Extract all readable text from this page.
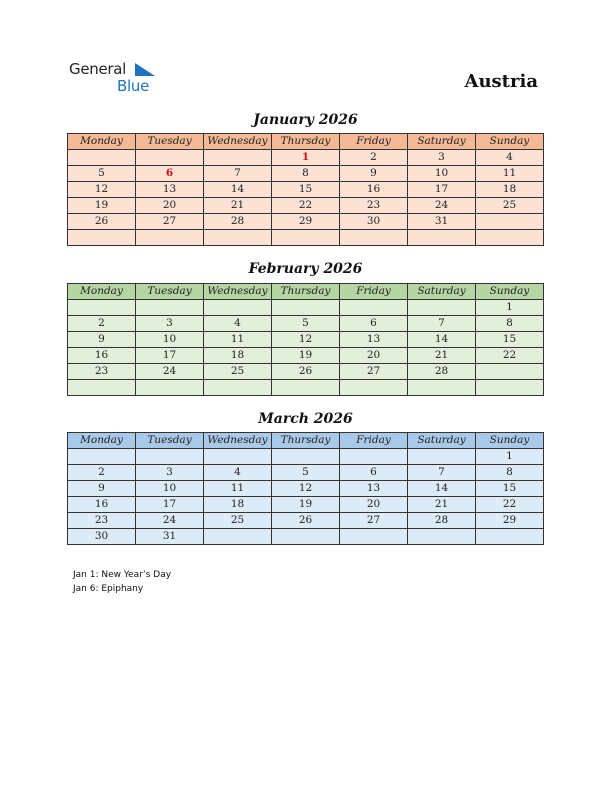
General
Blue	Austria
January 2026
Monday	Tuesday	Wednesday	Thursday	Friday	Saturday	Sunday
			1	2	3	4
5	6	7	8	9	10	11
12	13	14	15	16	17	18
19	20	21	22	23	24	25
26	27	28	29	30	31	

February 2026
Monday	Tuesday	Wednesday	Thursday	Friday	Saturday	Sunday
						1
2	3	4	5	6	7	8
9	10	11	12	13	14	15
16	17	18	19	20	21	22
23	24	25	26	27	28	

March 2026
Monday	Tuesday	Wednesday	Thursday	Friday	Saturday	Sunday
						1
2	3	4	5	6	7	8
9	10	11	12	13	14	15
16	17	18	19	20	21	22
23	24	25	26	27	28	29
30	31					
Jan 1: New Year’s Day
Jan 6: Epiphany
